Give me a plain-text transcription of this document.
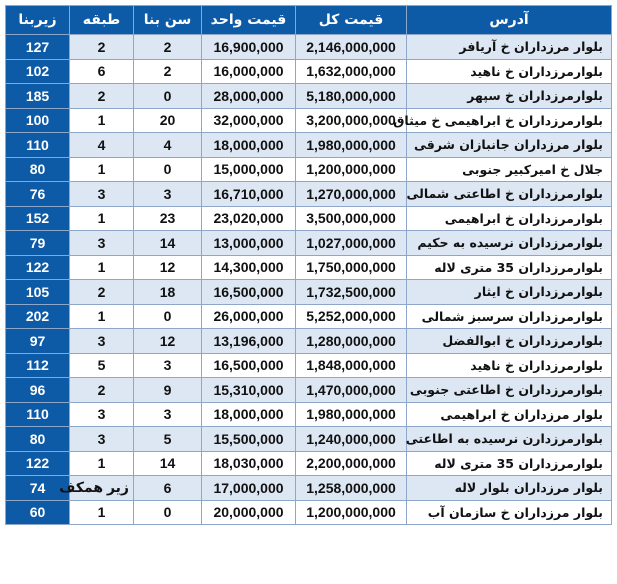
آدرس	قیمت کل	قیمت واحد	سن بنا	طبقه	زیربنا
بلوار مرزداران خ آریافر	2,146,000,000	16,900,000	2	2	127
بلوارمرزداران خ ناهید	1,632,000,000	16,000,000	2	6	102
بلوارمرزداران خ سپهر	5,180,000,000	28,000,000	0	2	185
بلوارمرزداران خ ابراهیمی خ میثاق	3,200,000,000	32,000,000	20	1	100
بلوار مرزداران جانبازان شرقی	1,980,000,000	18,000,000	4	4	110
جلال خ امیرکبیر جنوبی	1,200,000,000	15,000,000	0	1	80
بلوارمرزداران خ اطاعتی شمالی	1,270,000,000	16,710,000	3	3	76
بلوارمرزداران خ ابراهیمی	3,500,000,000	23,020,000	23	1	152
بلوارمرزداران نرسیده به حکیم	1,027,000,000	13,000,000	14	3	79
بلوارمرزداران 35 متری لاله	1,750,000,000	14,300,000	12	1	122
بلوارمرزداران خ ایثار	1,732,500,000	16,500,000	18	2	105
بلوارمرزداران سرسبز شمالی	5,252,000,000	26,000,000	0	1	202
بلوارمرزداران خ ابوالفضل	1,280,000,000	13,196,000	12	3	97
بلوارمرزداران خ ناهید	1,848,000,000	16,500,000	3	5	112
بلوارمرزداران خ اطاعتی جنوبی	1,470,000,000	15,310,000	9	2	96
بلوار مرزداران خ ابراهیمی	1,980,000,000	18,000,000	3	3	110
بلوارمرزدارن نرسیده به اطاعتی	1,240,000,000	15,500,000	5	3	80
بلوارمرزداران 35 متری لاله	2,200,000,000	18,030,000	14	1	122
بلوار مرزداران بلوار لاله	1,258,000,000	17,000,000	6	زیر همکف	74
بلوار مرزداران خ سازمان آب	1,200,000,000	20,000,000	0	1	60
